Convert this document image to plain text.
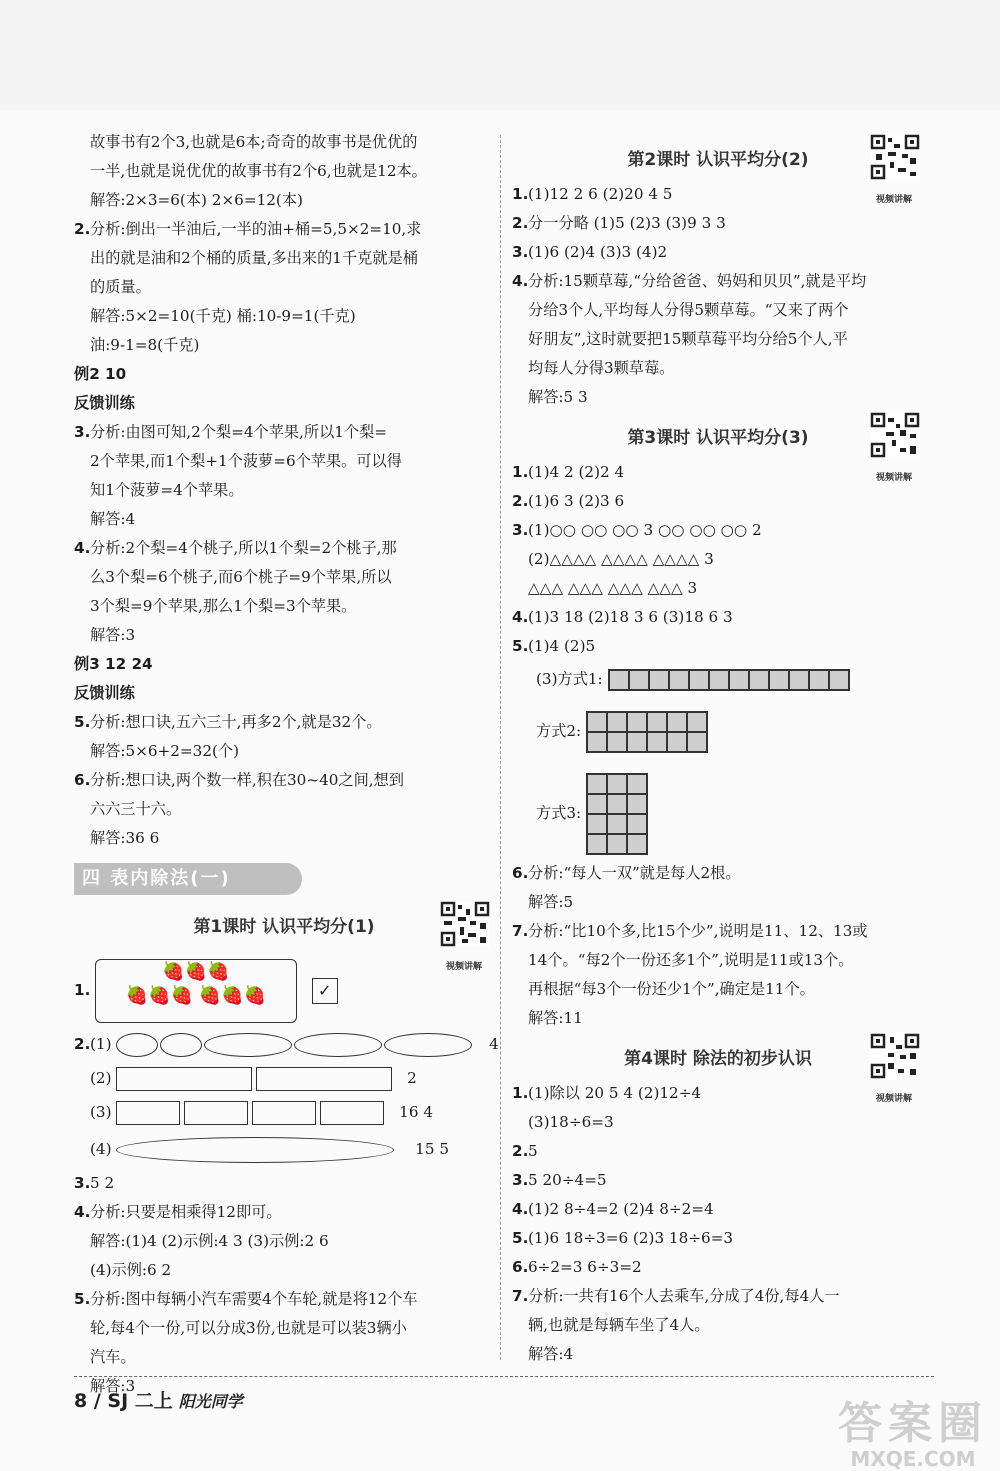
故事书有2个3,也就是6本;奇奇的故事书是优优的
一半,也就是说优优的故事书有2个6,也就是12本。
解答:2×3=6(本) 2×6=12(本)
2.分析:倒出一半油后,一半的油+桶=5,5×2=10,求
出的就是油和2个桶的质量,多出来的1千克就是桶
的质量。
解答:5×2=10(千克) 桶:10-9=1(千克)
油:9-1=8(千克)
例2 10
反馈训练
3.分析:由图可知,2个梨=4个苹果,所以1个梨=
2个苹果,而1个梨+1个菠萝=6个苹果。可以得
知1个菠萝=4个苹果。
解答:4
4.分析:2个梨=4个桃子,所以1个梨=2个桃子,那
么3个梨=6个桃子,而6个桃子=9个苹果,所以
3个梨=9个苹果,那么1个梨=3个苹果。
解答:3
例3 12 24
反馈训练
5.分析:想口诀,五六三十,再多2个,就是32个。
解答:5×6+2=32(个)
6.分析:想口诀,两个数一样,积在30~40之间,想到
六六三十六。
解答:36 6
四 表内除法(一)
第1课时 认识平均分(1)
视频讲解
1. 🍓🍓🍓
🍓🍓🍓 🍓🍓🍓	✓
2.(1)	4
(2)	2
(3)	16 4
(4)	15 5
3.5 2
4.分析:只要是相乘得12即可。
解答:(1)4 (2)示例:4 3 (3)示例:2 6
(4)示例:6 2
5.分析:图中每辆小汽车需要4个车轮,就是将12个车
轮,每4个一份,可以分成3份,也就是可以装3辆小
汽车。
解答:3
第2课时 认识平均分(2)
视频讲解
1.(1)12 2 6 (2)20 4 5
2.分一分略 (1)5 (2)3 (3)9 3 3
3.(1)6 (2)4 (3)3 (4)2
4.分析:15颗草莓,“分给爸爸、妈妈和贝贝”,就是平均
分给3个人,平均每人分得5颗草莓。“又来了两个
好朋友”,这时就要把15颗草莓平均分给5个人,平
均每人分得3颗草莓。
解答:5 3
第3课时 认识平均分(3)
视频讲解
1.(1)4 2 (2)2 4
2.(1)6 3 (2)3 6
3.(1)○○ ○○ ○○ 3 ○○ ○○ ○○ 2
(2)△△△△ △△△△ △△△△ 3
△△△ △△△ △△△ △△△ 3
4.(1)3 18 (2)18 3 6 (3)18 6 3
5.(1)4 (2)5
(3)方式1:
方式2:
方式3:
6.分析:“每人一双”就是每人2根。
解答:5
7.分析:“比10个多,比15个少”,说明是11、12、13或
14个。“每2个一份还多1个”,说明是11或13个。
再根据“每3个一份还少1个”,确定是11个。
解答:11
第4课时 除法的初步认识
视频讲解
1.(1)除以 20 5 4 (2)12÷4
(3)18÷6=3
2.5
3.5 20÷4=5
4.(1)2 8÷4=2 (2)4 8÷2=4
5.(1)6 18÷3=6 (2)3 18÷6=3
6.6÷2=3 6÷3=2
7.分析:一共有16个人去乘车,分成了4份,每4人一
辆,也就是每辆车坐了4人。
解答:4
8 / SJ 二上 阳光同学	答案圈
MXQE.COM
